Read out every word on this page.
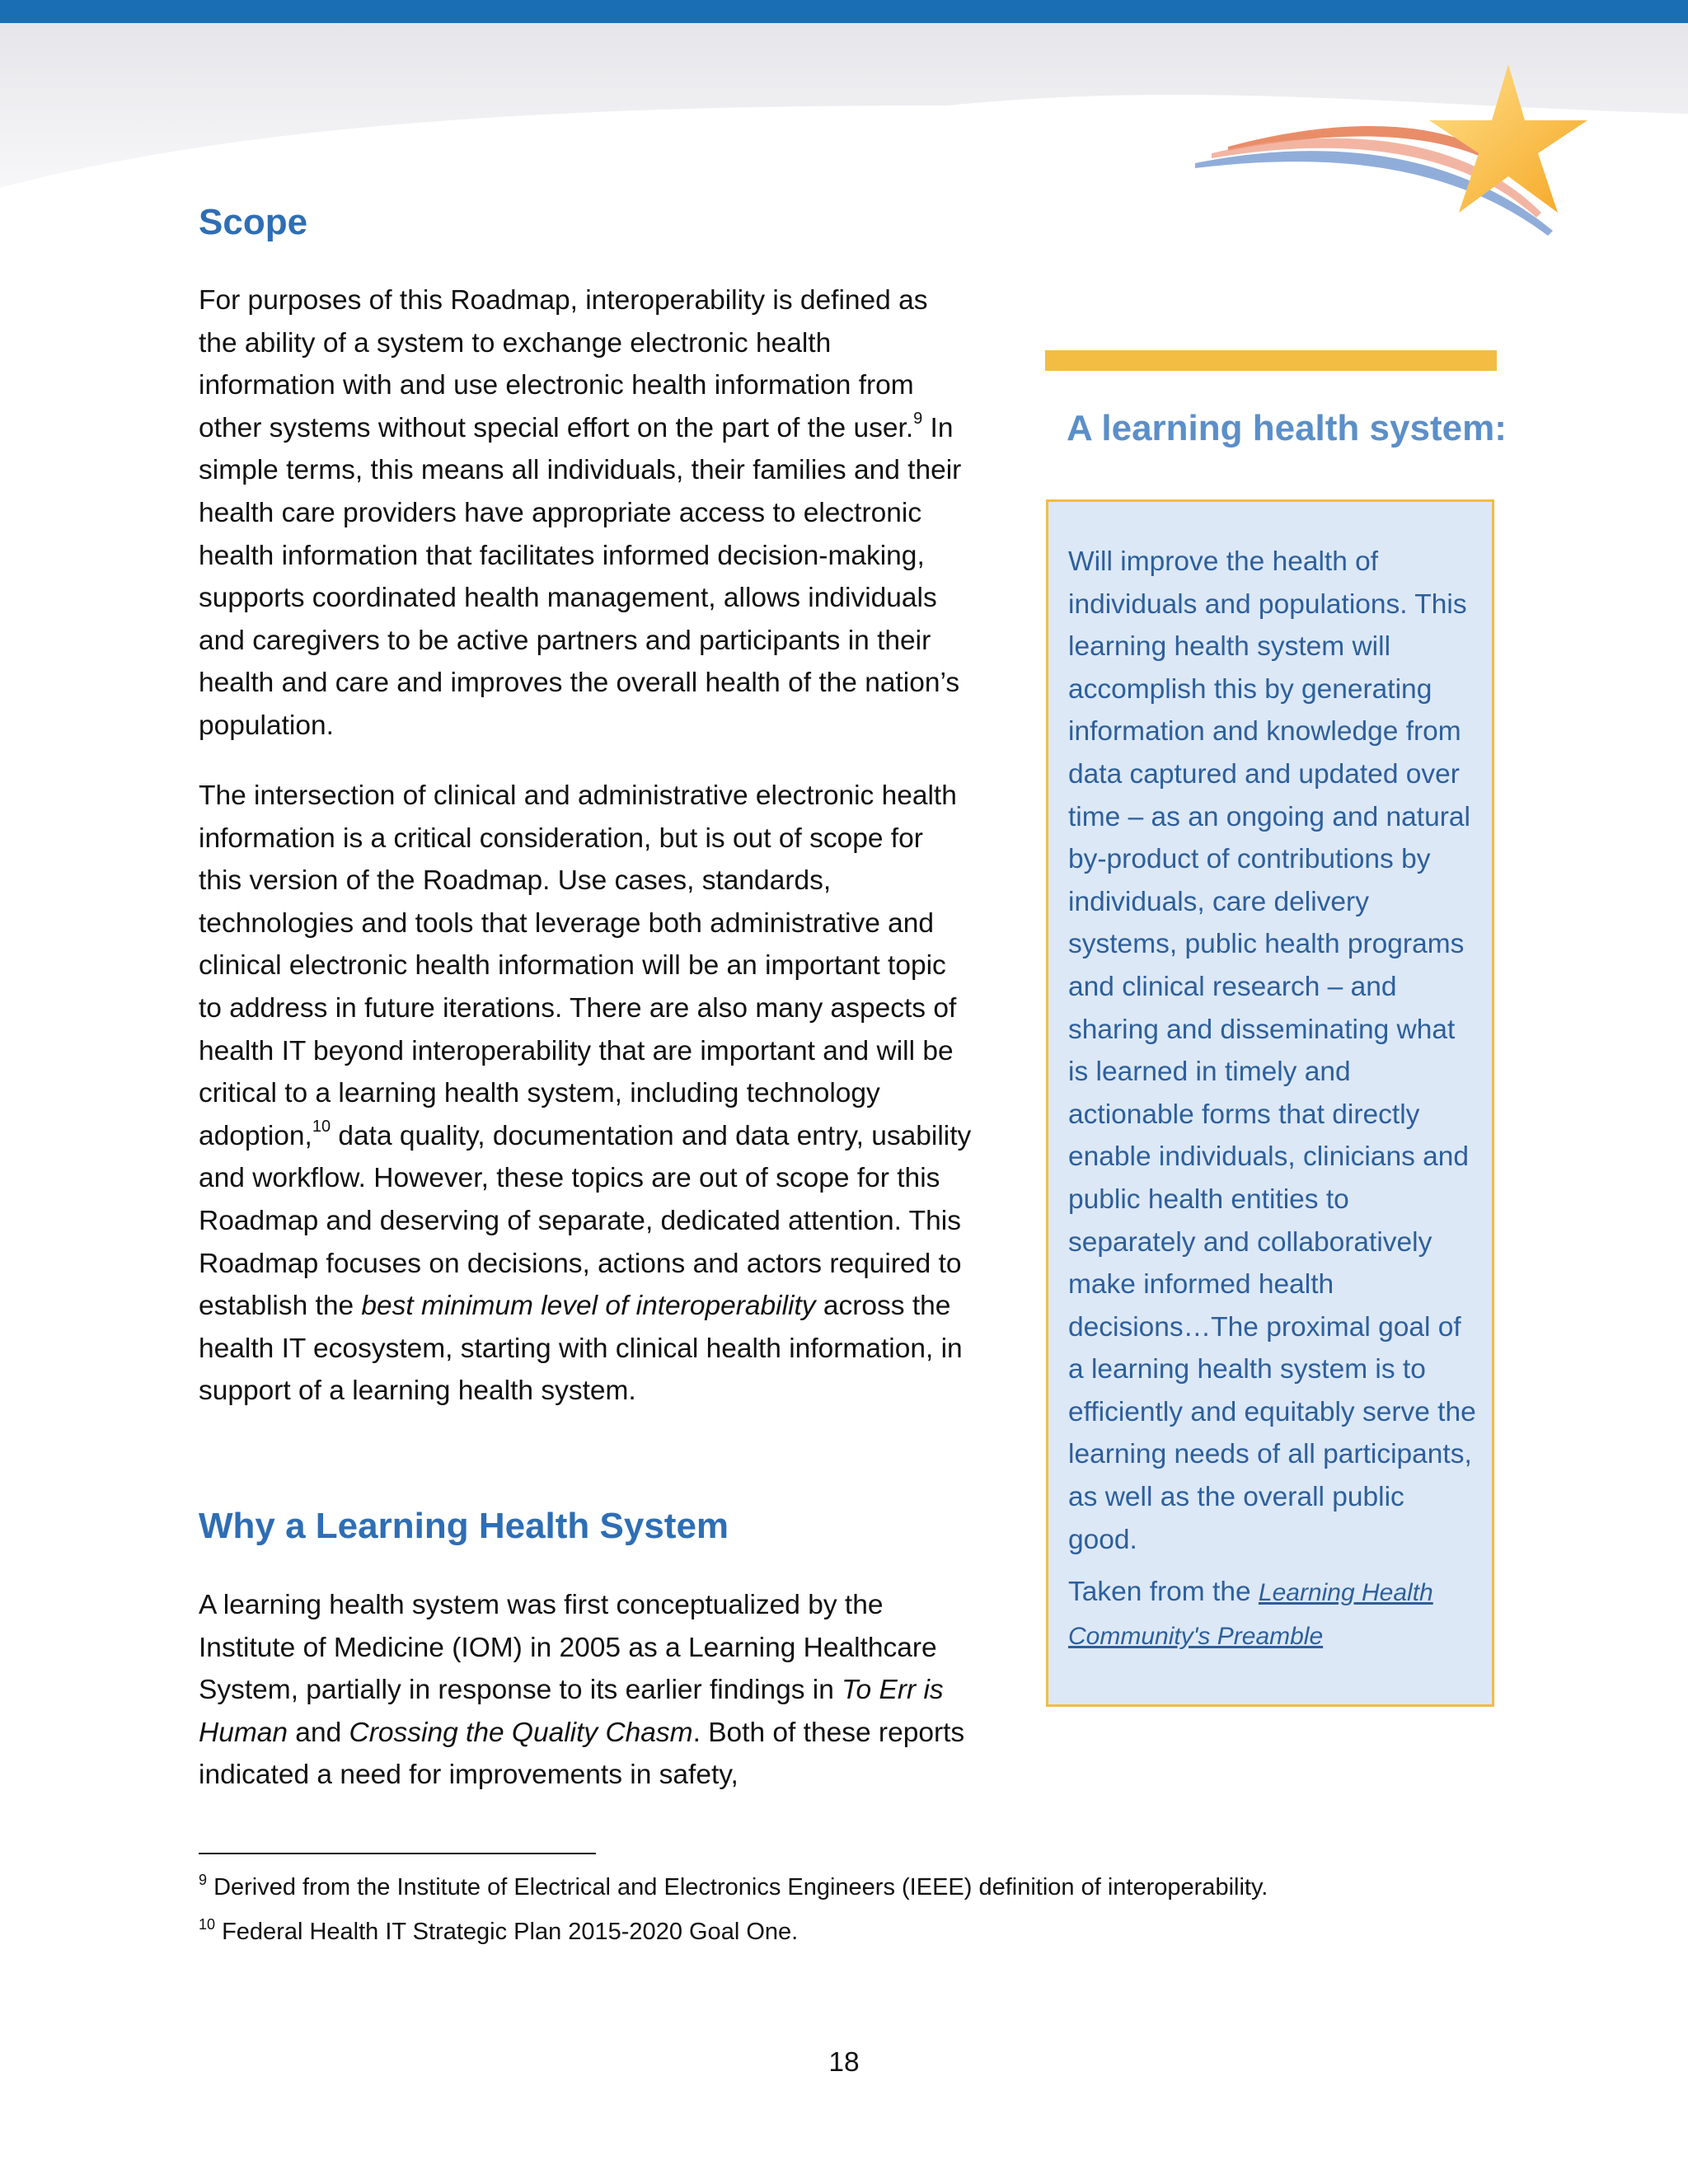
Scope

For purposes of this Roadmap, interoperability is defined as the ability of a system to exchange electronic health information with and use electronic health information from other systems without special effort on the part of the user.$^9$ In simple terms, this means all individuals, their families and their health care providers have appropriate access to electronic health information that facilitates informed decision-making, supports coordinated health management, allows individuals and caregivers to be active partners and participants in their health and care and improves the overall health of the nation’s population.

The intersection of clinical and administrative electronic health information is a critical consideration, but is out of scope for this version of the Roadmap. Use cases, standards, technologies and tools that leverage both administrative and clinical electronic health information will be an important topic to address in future iterations. There are also many aspects of health IT beyond interoperability that are important and will be critical to a learning health system, including technology adoption,$^{10}$ data quality, documentation and data entry, usability and workflow. However, these topics are out of scope for this Roadmap and deserving of separate, dedicated attention. This Roadmap focuses on decisions, actions and actors required to establish the best minimum level of interoperability across the health IT ecosystem, starting with clinical health information, in support of a learning health system.

Why a Learning Health System

A learning health system was first conceptualized by the Institute of Medicine (IOM) in 2005 as a Learning Healthcare System, partially in response to its earlier findings in To Err is Human and Crossing the Quality Chasm. Both of these reports indicated a need for improvements in safety,

A learning health system:

Will improve the health of individuals and populations. This learning health system will accomplish this by generating information and knowledge from data captured and updated over time – as an ongoing and natural by-product of contributions by individuals, care delivery systems, public health programs and clinical research – and sharing and disseminating what is learned in timely and actionable forms that directly enable individuals, clinicians and public health entities to separately and collaboratively make informed health decisions…The proximal goal of a learning health system is to efficiently and equitably serve the learning needs of all participants, as well as the overall public good.

Taken from the Learning Health Community's Preamble

$^9$ Derived from the Institute of Electrical and Electronics Engineers (IEEE) definition of interoperability.

$^{10}$ Federal Health IT Strategic Plan 2015-2020 Goal One.

18
